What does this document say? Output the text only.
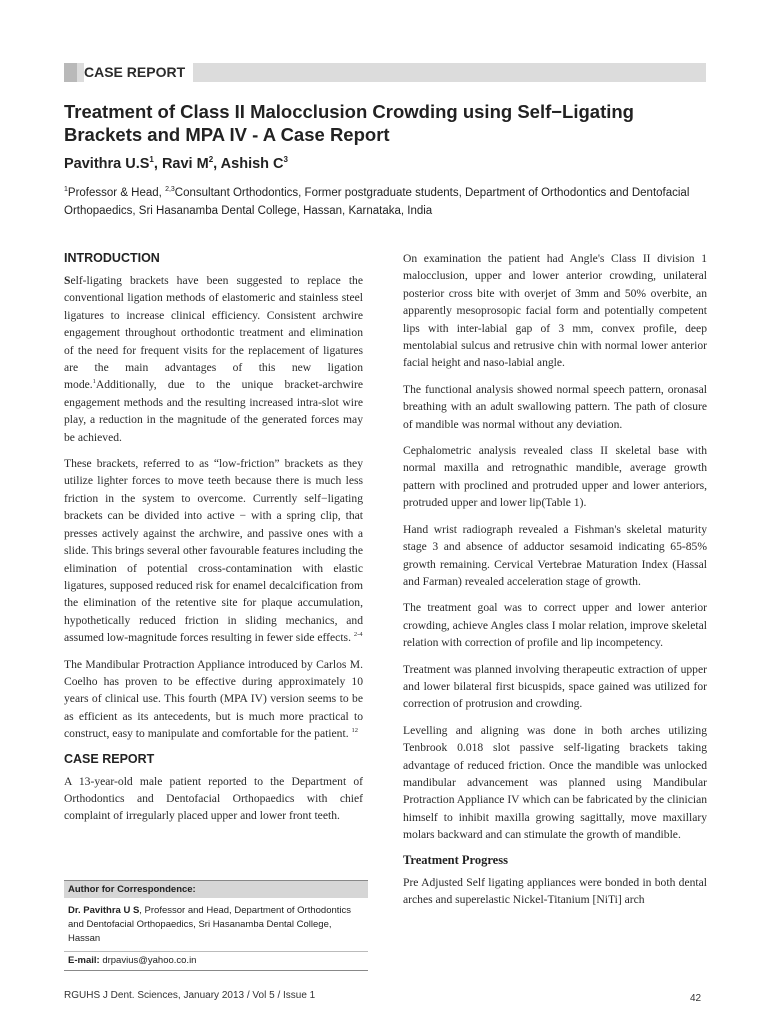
CASE REPORT
Treatment of Class II Malocclusion Crowding using Self−Ligating Brackets and MPA IV - A Case Report
Pavithra $U.S^1$, Ravi $M^2$, Ashish $C^3$
$^1$Professor & Head, $^{2,3}$Consultant Orthodontics, Former postgraduate students, Department of Orthodontics and Dentofacial Orthopaedics, Sri Hasanamba Dental College, Hassan, Karnataka, India
INTRODUCTION

Self-ligating brackets have been suggested to replace the conventional ligation methods of elastomeric and stainless steel ligatures to increase clinical efficiency. Consistent archwire engagement throughout orthodontic treatment and elimination of the need for frequent visits for the replacement of ligatures are the main advantages of this new ligation mode.$^1$Additionally, due to the unique bracket-archwire engagement methods and the resulting increased intra-slot wire play, a reduction in the magnitude of the generated forces may be achieved.

These brackets, referred to as “low-friction” brackets as they utilize lighter forces to move teeth because there is much less friction in the system to overcome. Currently self−ligating brackets can be divided into active − with a spring clip, that presses actively against the archwire, and passive ones with a slide. This brings several other favourable features including the elimination of potential cross-contamination with elastic ligatures, supposed reduced risk for enamel decalcification from the elimination of the retentive site for plaque accumulation, hypothetically reduced friction in sliding mechanics, and assumed low-magnitude forces resulting in fewer side effects. $^{2-4}$

The Mandibular Protraction Appliance introduced by Carlos M. Coelho has proven to be effective during approximately 10 years of clinical use. This fourth (MPA IV) version seems to be as efficient as its antecedents, but is much more practical to construct, easy to manipulate and comfortable for the patient. $^{12}$

CASE REPORT

A 13-year-old male patient reported to the Department of Orthodontics and Dentofacial Orthopaedics with chief complaint of irregularly placed upper and lower front teeth.

Author for Correspondence:
Dr. Pavithra U S, Professor and Head, Department of Orthodontics and Dentofacial Orthopaedics, Sri Hasanamba Dental College, Hassan
E-mail: drpavius@yahoo.co.in

On examination the patient had Angle's Class II division 1 malocclusion, upper and lower anterior crowding, unilateral posterior cross bite with overjet of 3mm and 50% overbite, an apparently mesoprosopic facial form and potentially competent lips with inter-labial gap of 3 mm, convex profile, deep mentolabial sulcus and retrusive chin with normal lower anterior facial height and naso-labial angle.

The functional analysis showed normal speech pattern, oronasal breathing with an adult swallowing pattern. The path of closure of mandible was normal without any deviation.

Cephalometric analysis revealed class II skeletal base with normal maxilla and retrognathic mandible, average growth pattern with proclined and protruded upper and lower anteriors, protruded upper and lower lip(Table 1).

Hand wrist radiograph revealed a Fishman's skeletal maturity stage 3 and absence of adductor sesamoid indicating 65-85% growth remaining. Cervical Vertebrae Maturation Index (Hassal and Farman) revealed acceleration stage of growth.

The treatment goal was to correct upper and lower anterior crowding, achieve Angles class I molar relation, improve skeletal relation with correction of profile and lip incompetency.

Treatment was planned involving therapeutic extraction of upper and lower bilateral first bicuspids, space gained was utilized for correction of protrusion and crowding.

Levelling and aligning was done in both arches utilizing Tenbrook 0.018 slot passive self-ligating brackets taking advantage of reduced friction. Once the mandible was unlocked mandibular advancement was planned using Mandibular Protraction Appliance IV which can be fabricated by the clinician himself to inhibit maxilla growing sagittally, move maxillary molars backward and can stimulate the growth of mandible.

Treatment Progress

Pre Adjusted Self ligating appliances were bonded in both dental arches and superelastic Nickel-Titanium [NiTi] arch

RGUHS J Dent. Sciences, January 2013 / Vol 5 / Issue 1	42
